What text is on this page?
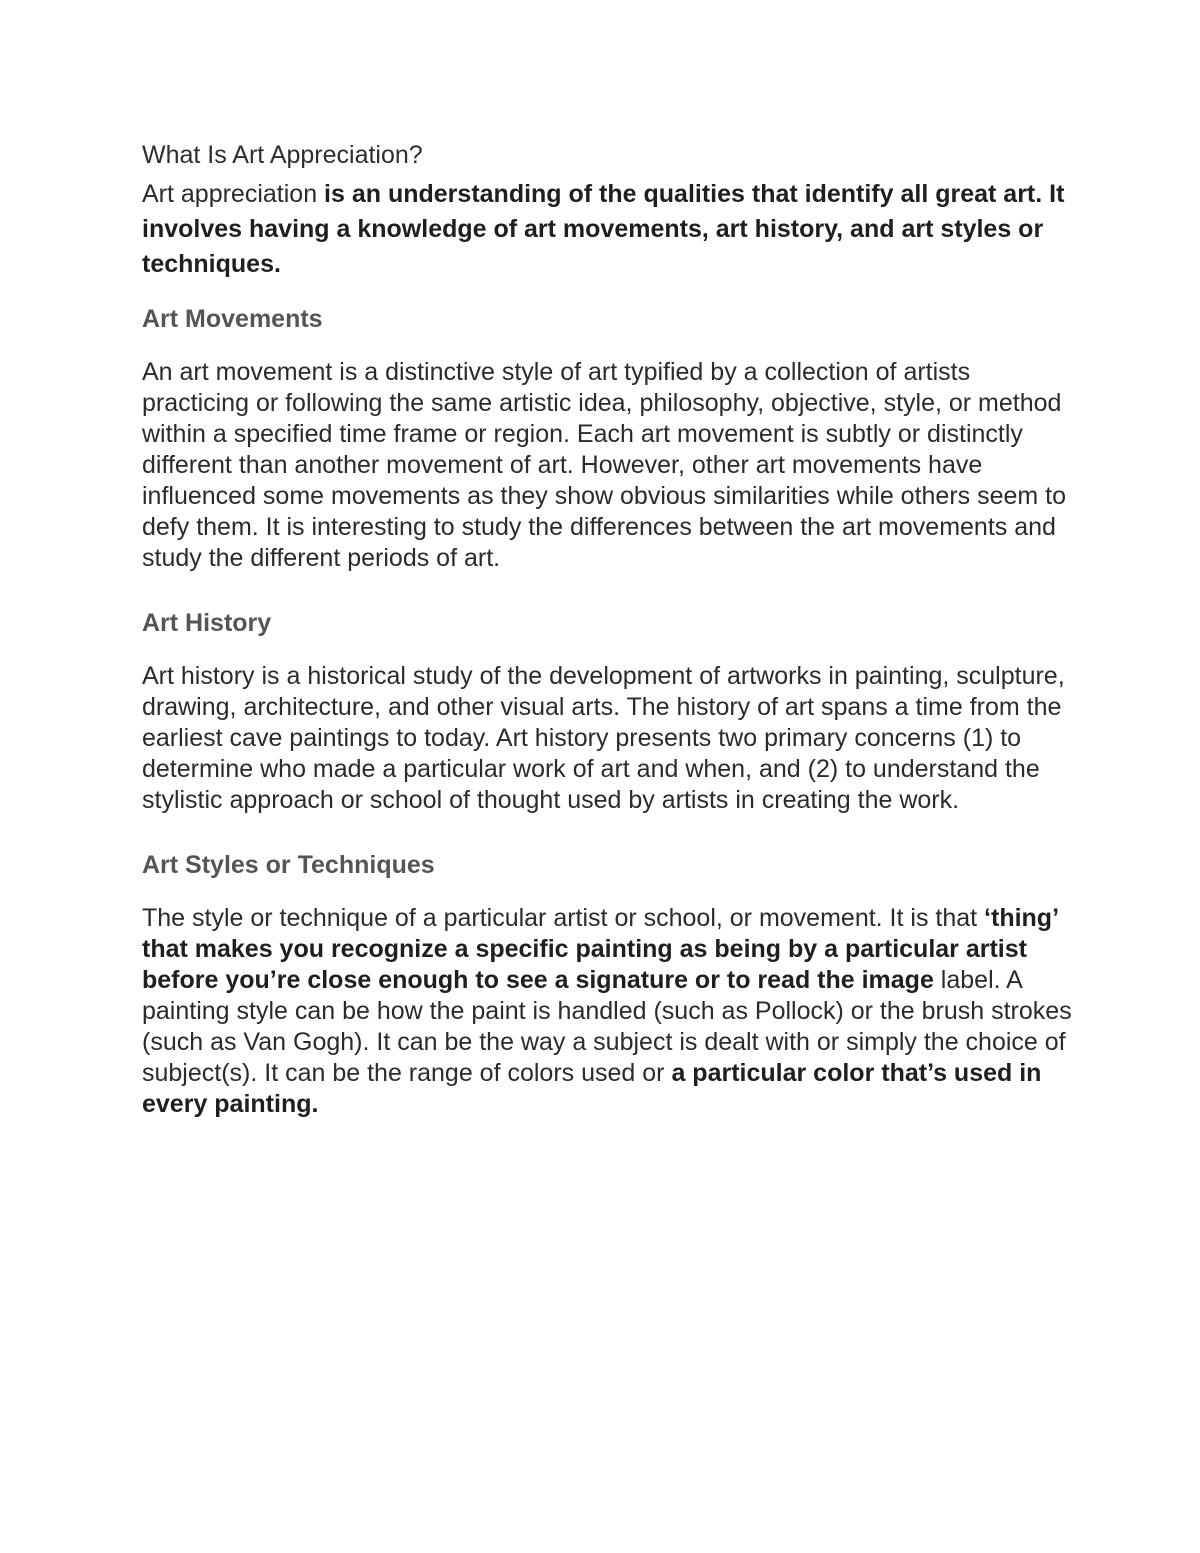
What Is Art Appreciation?

Art appreciation is an understanding of the qualities that identify all great art. It involves having a knowledge of art movements, art history, and art styles or techniques.

Art Movements

An art movement is a distinctive style of art typified by a collection of artists practicing or following the same artistic idea, philosophy, objective, style, or method within a specified time frame or region. Each art movement is subtly or distinctly different than another movement of art. However, other art movements have influenced some movements as they show obvious similarities while others seem to defy them. It is interesting to study the differences between the art movements and study the different periods of art.

Art History

Art history is a historical study of the development of artworks in painting, sculpture, drawing, architecture, and other visual arts. The history of art spans a time from the earliest cave paintings to today. Art history presents two primary concerns (1) to determine who made a particular work of art and when, and (2) to understand the stylistic approach or school of thought used by artists in creating the work.

Art Styles or Techniques

The style or technique of a particular artist or school, or movement. It is that ‘thing’ that makes you recognize a specific painting as being by a particular artist before you’re close enough to see a signature or to read the image label. A painting style can be how the paint is handled (such as Pollock) or the brush strokes (such as Van Gogh). It can be the way a subject is dealt with or simply the choice of subject(s). It can be the range of colors used or a particular color that’s used in every painting.
